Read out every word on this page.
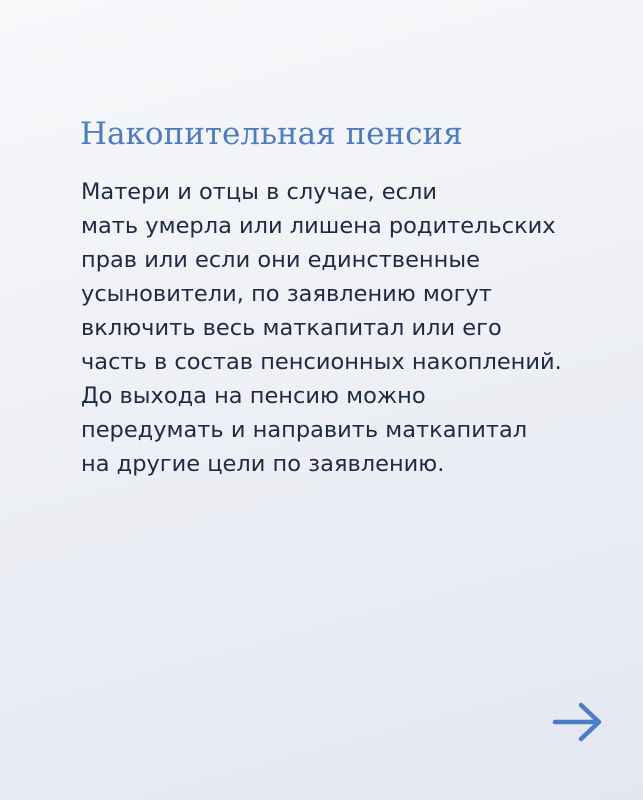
Накопительная пенсия

Матери и отцы в случае, если
мать умерла или лишена родительских
прав или если они единственные
усыновители, по заявлению могут
включить весь маткапитал или его
часть в состав пенсионных накоплений.
До выхода на пенсию можно
передумать и направить маткапитал
на другие цели по заявлению.
